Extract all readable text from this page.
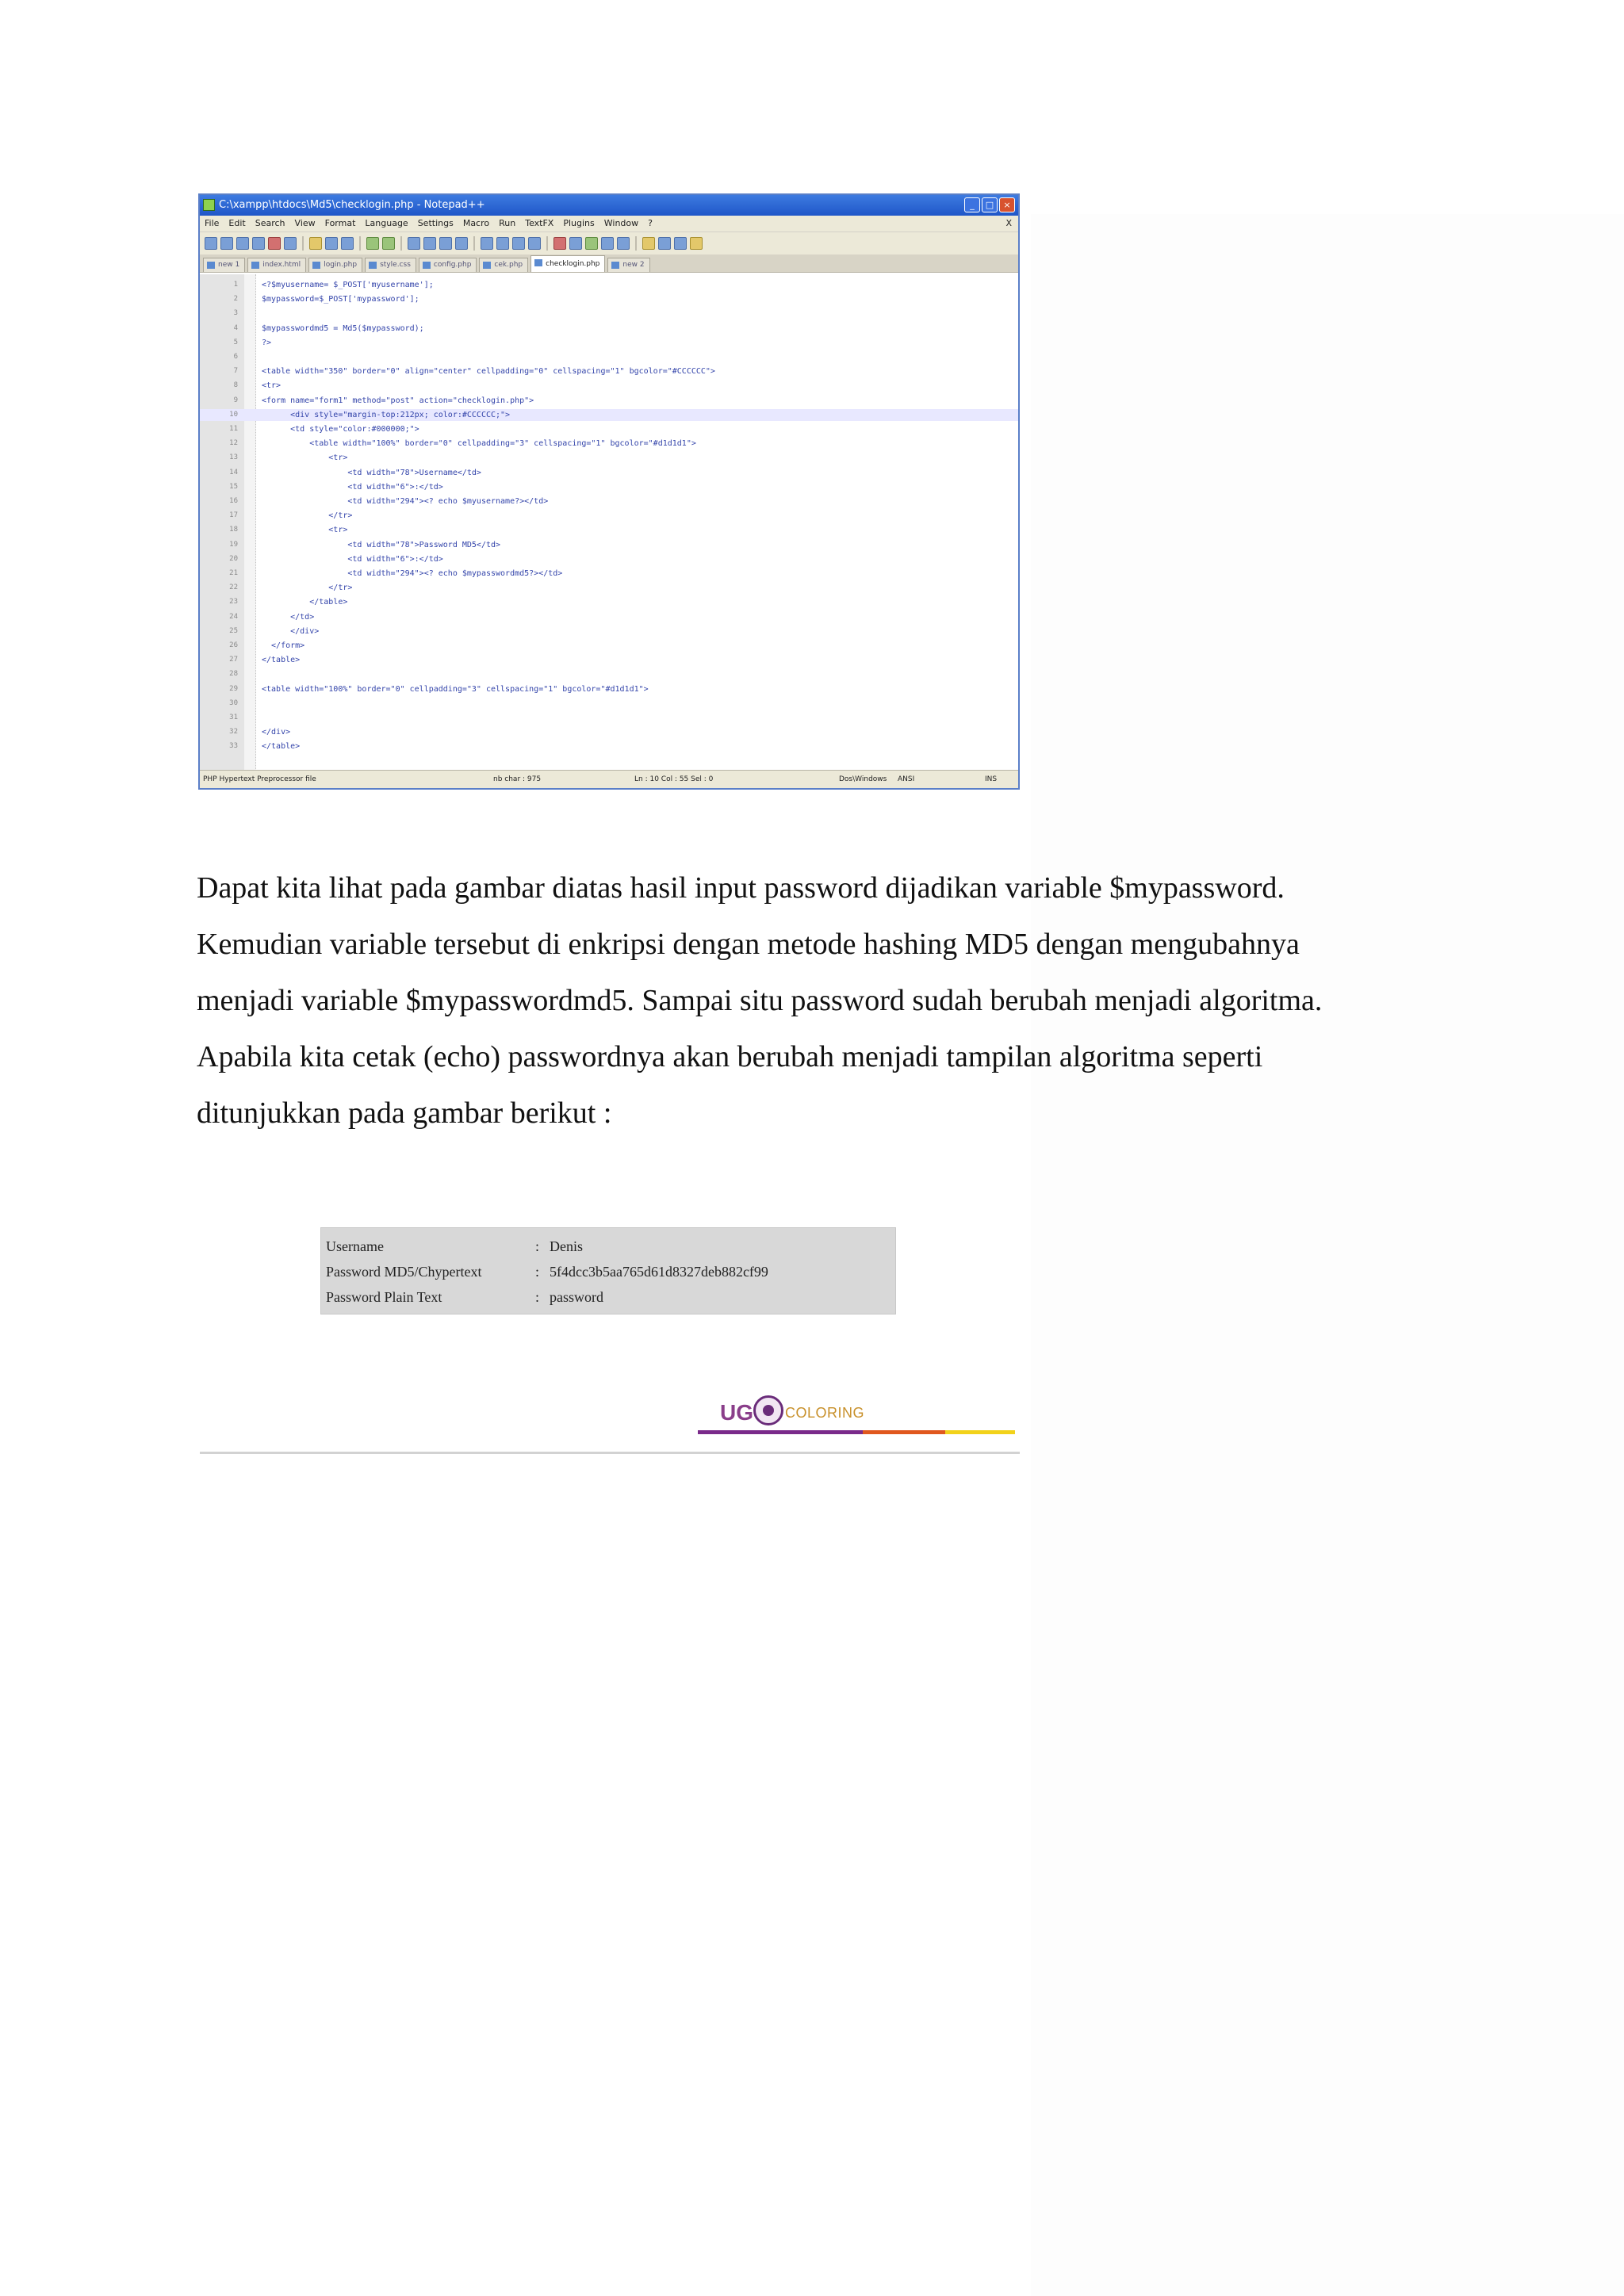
C:\xampp\htdocs\Md5\checklogin.php - Notepad++	_	□	×
File Edit Search View Format Language Settings Macro Run TextFX Plugins Window ?	X
new 1	index.html	login.php	style.css	config.php	cek.php	checklogin.php	new 2
1	<?$myusername= $_POST['myusername'];
2	$mypassword=$_POST['mypassword'];
3
4	$mypasswordmd5 = Md5($mypassword);
5	?>
6
7	<table width="350" border="0" align="center" cellpadding="0" cellspacing="1" bgcolor="#CCCCCC">
8	<tr>
9	<form name="form1" method="post" action="checklogin.php">
10	<div style="margin-top:212px; color:#CCCCCC;">
11	<td style="color:#000000;">
12	<table width="100%" border="0" cellpadding="3" cellspacing="1" bgcolor="#d1d1d1">
13	<tr>
14	<td width="78">Username</td>
15	<td width="6">:</td>
16	<td width="294"><? echo $myusername?></td>
17	</tr>
18	<tr>
19	<td width="78">Password MD5</td>
20	<td width="6">:</td>
21	<td width="294"><? echo $mypasswordmd5?></td>
22	</tr>
23	</table>
24	</td>
25	</div>
26	</form>
27	</table>
28
29	<table width="100%" border="0" cellpadding="3" cellspacing="1" bgcolor="#d1d1d1">
30
31
32	</div>
33	</table>
PHP Hypertext Preprocessor file	nb char : 975	Ln : 10 Col : 55 Sel : 0	Dos\Windows ANSI	INS

Dapat kita lihat pada gambar diatas hasil input password dijadikan variable $mypassword.

Kemudian variable tersebut di enkripsi dengan metode hashing MD5 dengan mengubahnya

menjadi variable $mypasswordmd5. Sampai situ password sudah berubah menjadi algoritma.

Apabila kita cetak (echo) passwordnya akan berubah menjadi tampilan algoritma seperti

ditunjukkan pada gambar berikut :

Username	: Denis
Password MD5/Chypertext	: 5f4dcc3b5aa765d61d8327deb882cf99
Password Plain Text	: password
UG COLORING
